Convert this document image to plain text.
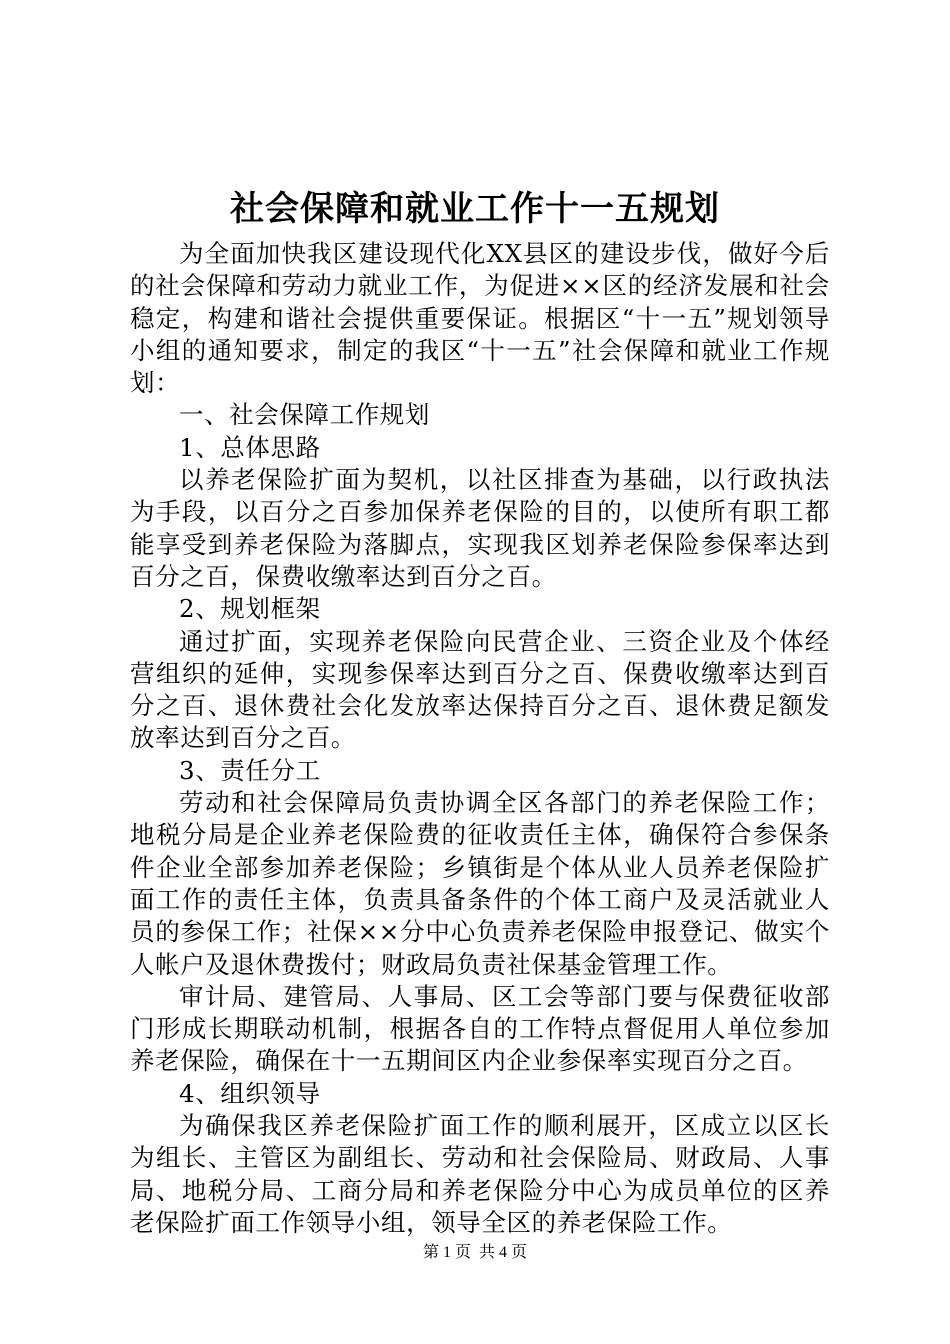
社会保障和就业工作十一五规划

为全面加快我区建设现代化XX县区的建设步伐，做好今后的社会保障和劳动力就业工作，为促进××区的经济发展和社会稳定，构建和谐社会提供重要保证。根据区“十一五”规划领导小组的通知要求，制定的我区“十一五”社会保障和就业工作规划：

一、社会保障工作规划

1、总体思路

以养老保险扩面为契机，以社区排查为基础，以行政执法为手段，以百分之百参加保养老保险的目的，以使所有职工都能享受到养老保险为落脚点，实现我区划养老保险参保率达到百分之百，保费收缴率达到百分之百。

2、规划框架

通过扩面，实现养老保险向民营企业、三资企业及个体经营组织的延伸，实现参保率达到百分之百、保费收缴率达到百分之百、退休费社会化发放率达保持百分之百、退休费足额发放率达到百分之百。

3、责任分工

劳动和社会保障局负责协调全区各部门的养老保险工作；地税分局是企业养老保险费的征收责任主体，确保符合参保条件企业全部参加养老保险；乡镇街是个体从业人员养老保险扩面工作的责任主体，负责具备条件的个体工商户及灵活就业人员的参保工作；社保××分中心负责养老保险申报登记、做实个人帐户及退休费拨付；财政局负责社保基金管理工作。

审计局、建管局、人事局、区工会等部门要与保费征收部门形成长期联动机制，根据各自的工作特点督促用人单位参加养老保险，确保在十一五期间区内企业参保率实现百分之百。

4、组织领导

为确保我区养老保险扩面工作的顺利展开，区成立以区长为组长、主管区为副组长、劳动和社会保险局、财政局、人事局、地税分局、工商分局和养老保险分中心为成员单位的区养老保险扩面工作领导小组，领导全区的养老保险工作。

第 1 页  共 4 页
